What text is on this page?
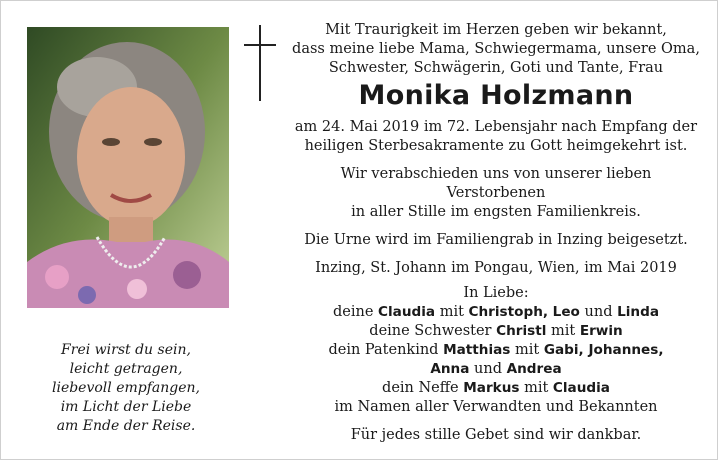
Mit Traurigkeit im Herzen geben wir bekannt,

dass meine liebe Mama, Schwiegermama, unsere Oma,

Schwester, Schwägerin, Goti und Tante, Frau

Monika Holzmann

am 24. Mai 2019 im 72. Lebensjahr nach Empfang der

heiligen Sterbesakramente zu Gott heimgekehrt ist.

Wir verabschieden uns von unserer lieben Verstorbenen

in aller Stille im engsten Familienkreis.

Die Urne wird im Familiengrab in Inzing beigesetzt.

Inzing, St. Johann im Pongau, Wien, im Mai 2019

In Liebe:

deine Claudia mit Christoph, Leo und Linda

deine Schwester Christl mit Erwin

dein Patenkind Matthias mit Gabi, Johannes,

Anna und Andrea

dein Neffe Markus mit Claudia

im Namen aller Verwandten und Bekannten

Für jedes stille Gebet sind wir dankbar.

Frei wirst du sein,

leicht getragen,

liebevoll empfangen,

im Licht der Liebe

am Ende der Reise.
